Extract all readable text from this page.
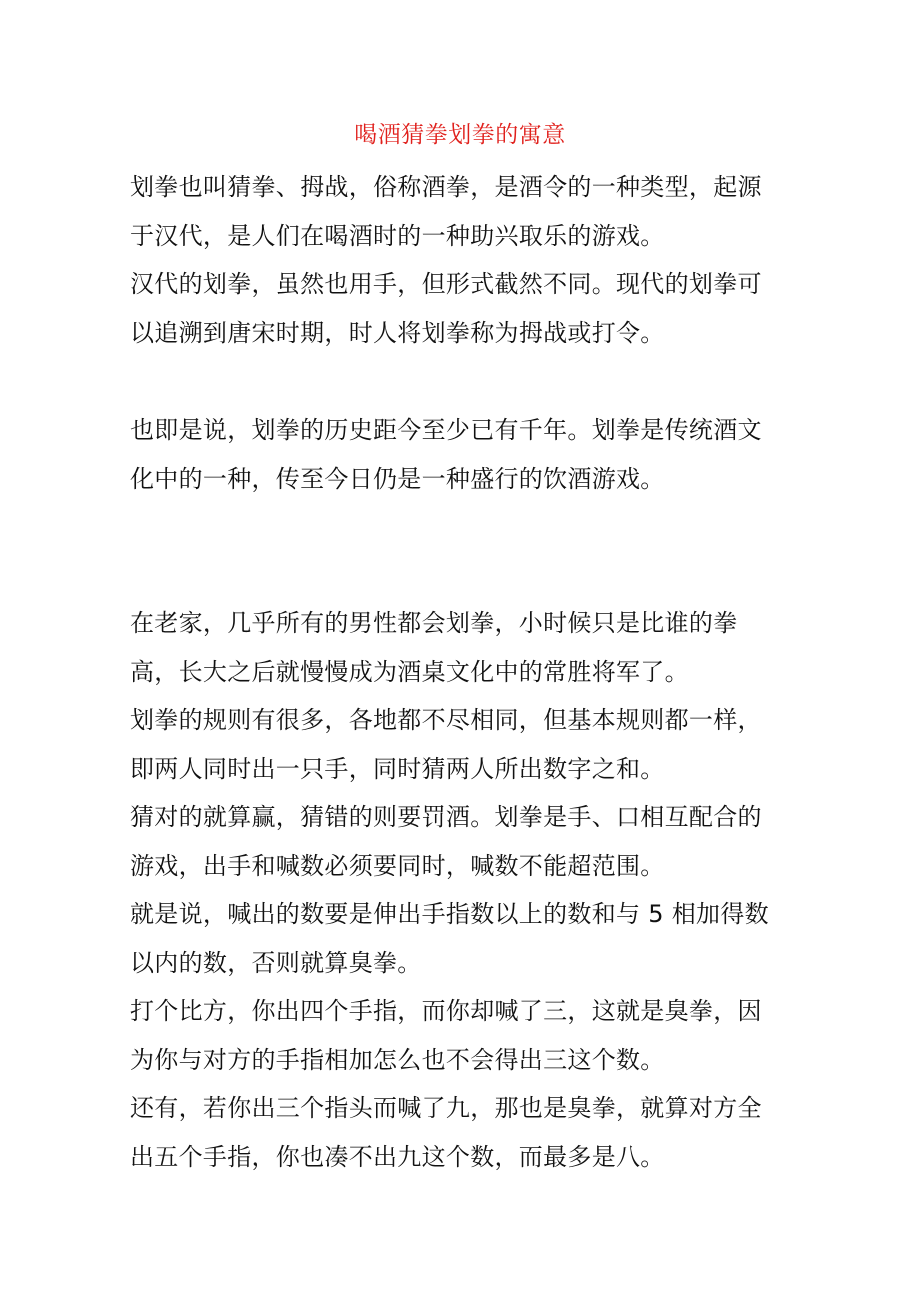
喝酒猜拳划拳的寓意

划拳也叫猜拳、拇战，俗称酒拳，是酒令的一种类型，起源

于汉代，是人们在喝酒时的一种助兴取乐的游戏。

汉代的划拳，虽然也用手，但形式截然不同。现代的划拳可

以追溯到唐宋时期，时人将划拳称为拇战或打令。

也即是说，划拳的历史距今至少已有千年。划拳是传统酒文

化中的一种，传至今日仍是一种盛行的饮酒游戏。

在老家，几乎所有的男性都会划拳，小时候只是比谁的拳

高，长大之后就慢慢成为酒桌文化中的常胜将军了。

划拳的规则有很多，各地都不尽相同，但基本规则都一样，

即两人同时出一只手，同时猜两人所出数字之和。

猜对的就算赢，猜错的则要罚酒。划拳是手、口相互配合的

游戏，出手和喊数必须要同时，喊数不能超范围。

就是说，喊出的数要是伸出手指数以上的数和与 5 相加得数

以内的数，否则就算臭拳。

打个比方，你出四个手指，而你却喊了三，这就是臭拳，因

为你与对方的手指相加怎么也不会得出三这个数。

还有，若你出三个指头而喊了九，那也是臭拳，就算对方全

出五个手指，你也凑不出九这个数，而最多是八。
